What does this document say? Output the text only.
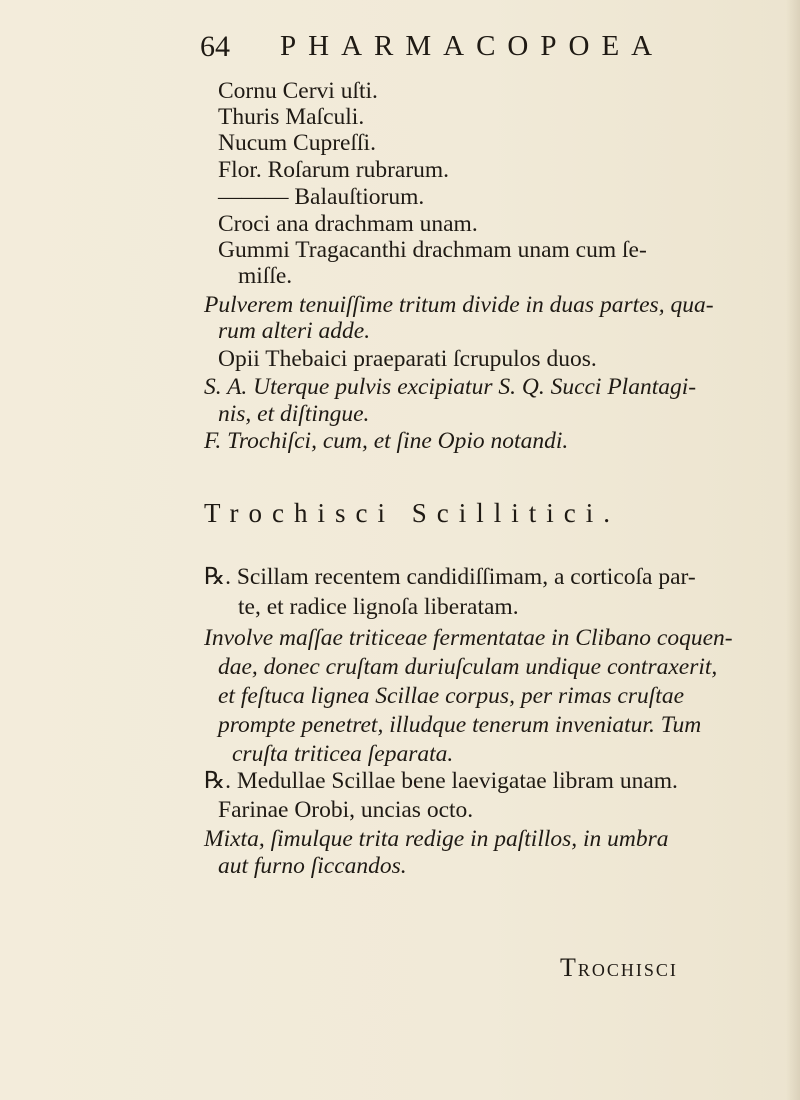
64 PHARMACOPOEA
Cornu Cervi uſti.
Thuris Maſculi.
Nucum Cupreſſi.
Flor. Roſarum rubrarum.
——— Balauſtiorum.
Croci ana drachmam unam.
Gummi Tragacanthi drachmam unam cum ſe-
miſſe.
Pulverem tenuiſſime tritum divide in duas partes, qua-
rum alteri adde.
Opii Thebaici praeparati ſcrupulos duos.
S. A. Uterque pulvis excipiatur S. Q. Succi Plantagi-
nis, et diſtingue.
F. Trochiſci, cum, et ſine Opio notandi.
Trochisci Scillitici.
℞. Scillam recentem candidiſſimam, a corticoſa par-
te, et radice lignoſa liberatam.
Involve maſſae triticeae fermentatae in Clibano coquen-
dae, donec cruſtam duriuſculam undique contraxerit,
et feſtuca lignea Scillae corpus, per rimas cruſtae
prompte penetret, illudque tenerum inveniatur. Tum
cruſta triticea ſeparata.
℞. Medullae Scillae bene laevigatae libram unam.
Farinae Orobi, uncias octo.
Mixta, ſimulque trita redige in paſtillos, in umbra
aut furno ſiccandos.
Trochisci
